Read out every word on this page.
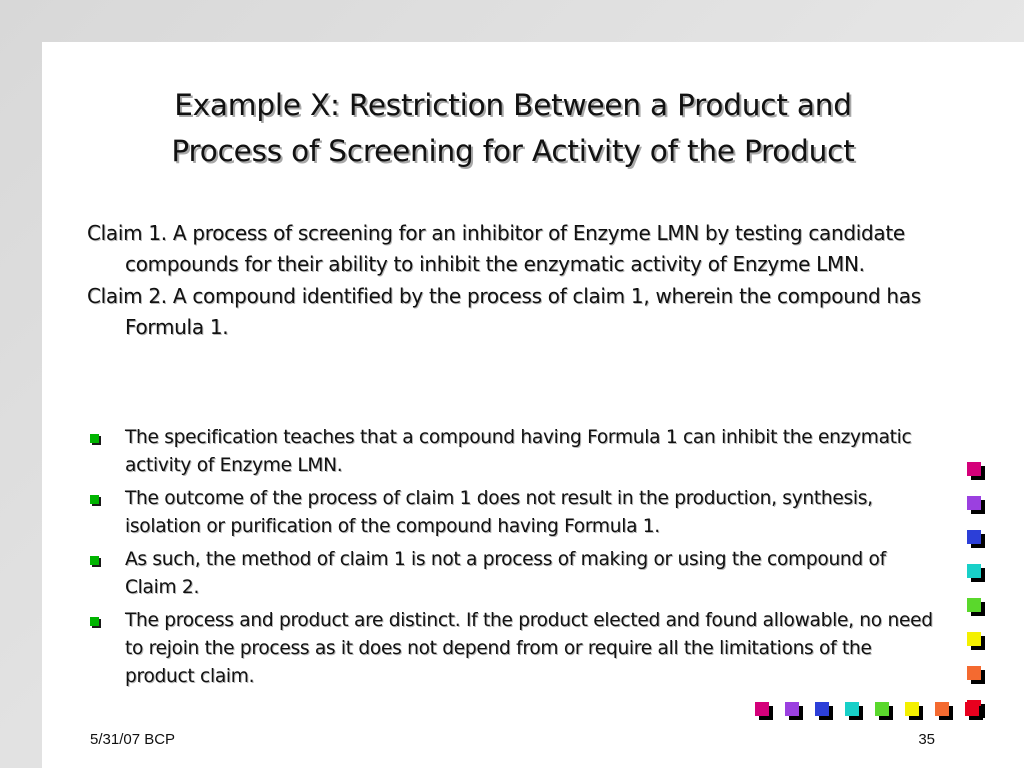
Example X: Restriction Between a Product and
Process of Screening for Activity of the Product
Claim 1. A process of screening for an inhibitor of Enzyme LMN by testing candidate compounds for their ability to inhibit the enzymatic activity of Enzyme LMN.
Claim 2. A compound identified by the process of claim 1, wherein the compound has Formula 1.
The specification teaches that a compound having Formula 1 can inhibit the enzymatic activity of Enzyme LMN.
The outcome of the process of claim 1 does not result in the production, synthesis, isolation or purification of the compound having Formula 1.
As such, the method of claim 1 is not a process of making or using the compound of Claim 2.
The process and product are distinct. If the product elected and found allowable, no need to rejoin the process as it does not depend from or require all the limitations of the product claim.
5/31/07 BCP	35
